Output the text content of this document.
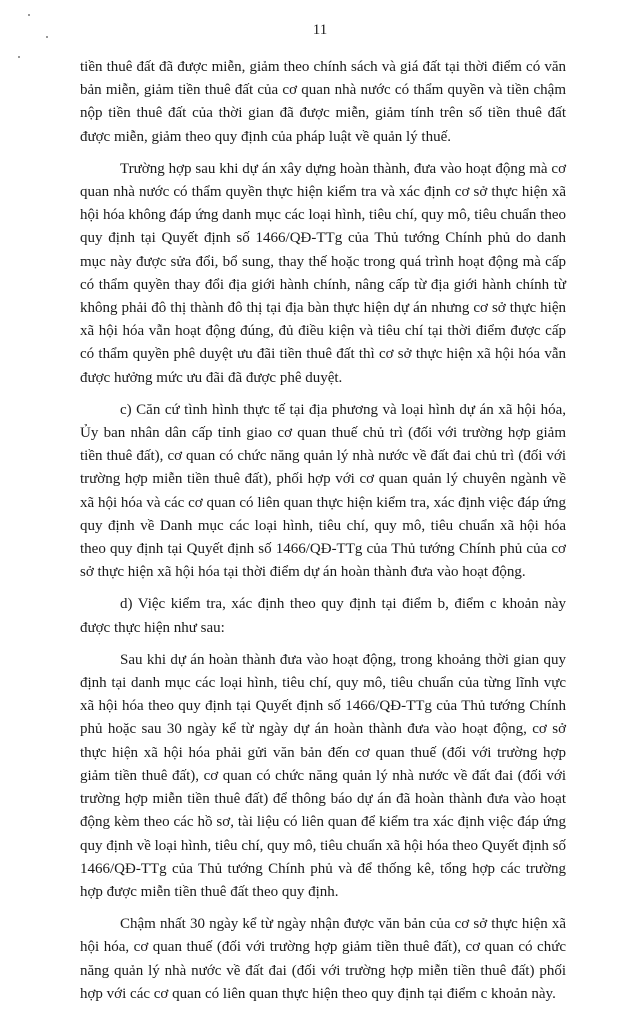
11

tiền thuê đất đã được miễn, giảm theo chính sách và giá đất tại thời điểm có văn bản miễn, giảm tiền thuê đất của cơ quan nhà nước có thẩm quyền và tiền chậm nộp tiền thuê đất của thời gian đã được miễn, giảm tính trên số tiền thuê đất được miễn, giảm theo quy định của pháp luật về quản lý thuế.

Trường hợp sau khi dự án xây dựng hoàn thành, đưa vào hoạt động mà cơ quan nhà nước có thẩm quyền thực hiện kiểm tra và xác định cơ sở thực hiện xã hội hóa không đáp ứng danh mục các loại hình, tiêu chí, quy mô, tiêu chuẩn theo quy định tại Quyết định số 1466/QĐ-TTg của Thủ tướng Chính phủ do danh mục này được sửa đổi, bổ sung, thay thế hoặc trong quá trình hoạt động mà cấp có thẩm quyền thay đổi địa giới hành chính, nâng cấp từ địa giới hành chính từ không phải đô thị thành đô thị tại địa bàn thực hiện dự án nhưng cơ sở thực hiện xã hội hóa vẫn hoạt động đúng, đủ điều kiện và tiêu chí tại thời điểm được cấp có thẩm quyền phê duyệt ưu đãi tiền thuê đất thì cơ sở thực hiện xã hội hóa vẫn được hưởng mức ưu đãi đã được phê duyệt.

c) Căn cứ tình hình thực tế tại địa phương và loại hình dự án xã hội hóa, Ủy ban nhân dân cấp tỉnh giao cơ quan thuế chủ trì (đối với trường hợp giảm tiền thuê đất), cơ quan có chức năng quản lý nhà nước về đất đai chủ trì (đối với trường hợp miễn tiền thuê đất), phối hợp với cơ quan quản lý chuyên ngành về xã hội hóa và các cơ quan có liên quan thực hiện kiểm tra, xác định việc đáp ứng quy định về Danh mục các loại hình, tiêu chí, quy mô, tiêu chuẩn xã hội hóa theo quy định tại Quyết định số 1466/QĐ-TTg của Thủ tướng Chính phủ của cơ sở thực hiện xã hội hóa tại thời điểm dự án hoàn thành đưa vào hoạt động.

d) Việc kiểm tra, xác định theo quy định tại điểm b, điểm c khoản này được thực hiện như sau:

Sau khi dự án hoàn thành đưa vào hoạt động, trong khoảng thời gian quy định tại danh mục các loại hình, tiêu chí, quy mô, tiêu chuẩn của từng lĩnh vực xã hội hóa theo quy định tại Quyết định số 1466/QĐ-TTg của Thủ tướng Chính phủ hoặc sau 30 ngày kể từ ngày dự án hoàn thành đưa vào hoạt động, cơ sở thực hiện xã hội hóa phải gửi văn bản đến cơ quan thuế (đối với trường hợp giảm tiền thuê đất), cơ quan có chức năng quản lý nhà nước về đất đai (đối với trường hợp miễn tiền thuê đất) để thông báo dự án đã hoàn thành đưa vào hoạt động kèm theo các hồ sơ, tài liệu có liên quan để kiểm tra xác định việc đáp ứng quy định về loại hình, tiêu chí, quy mô, tiêu chuẩn xã hội hóa theo Quyết định số 1466/QĐ-TTg của Thủ tướng Chính phủ và để thống kê, tổng hợp các trường hợp được miễn tiền thuê đất theo quy định.

Chậm nhất 30 ngày kể từ ngày nhận được văn bản của cơ sở thực hiện xã hội hóa, cơ quan thuế (đối với trường hợp giảm tiền thuê đất), cơ quan có chức năng quản lý nhà nước về đất đai (đối với trường hợp miễn tiền thuê đất) phối hợp với các cơ quan có liên quan thực hiện theo quy định tại điểm c khoản này.
